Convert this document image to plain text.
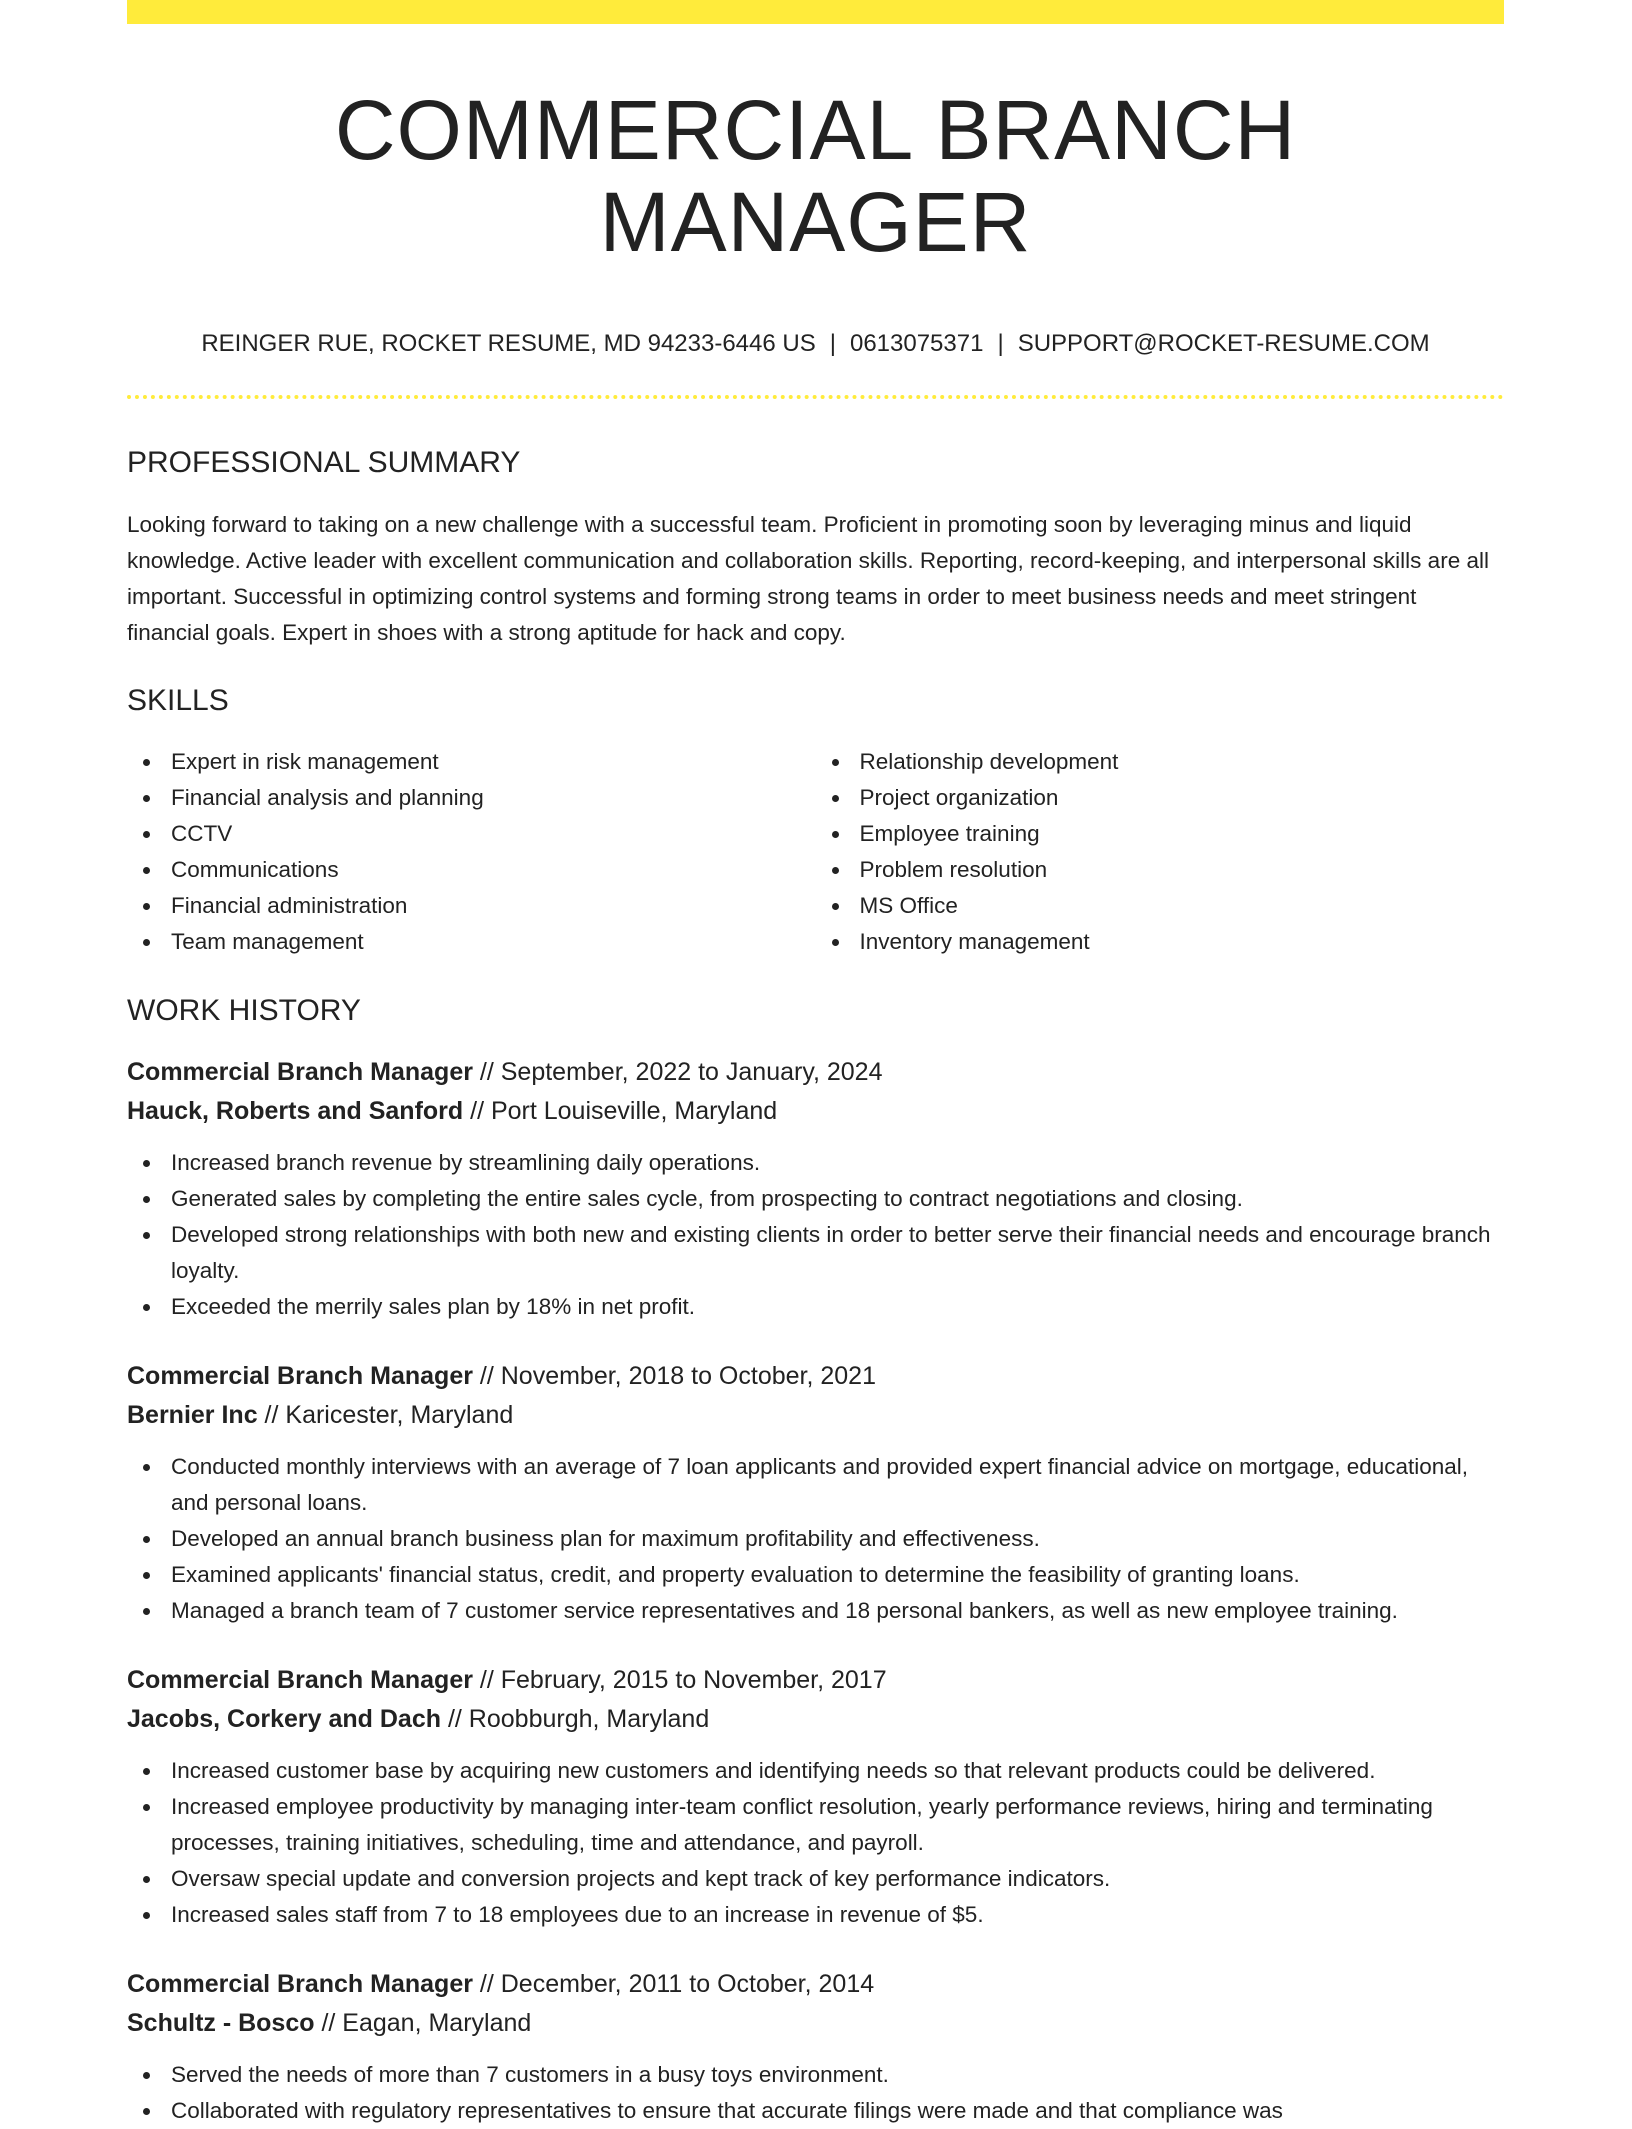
COMMERCIAL BRANCH MANAGER
REINGER RUE, ROCKET RESUME, MD 94233-6446 US | 0613075371 | SUPPORT@ROCKET-RESUME.COM
PROFESSIONAL SUMMARY

Looking forward to taking on a new challenge with a successful team. Proficient in promoting soon by leveraging minus and liquid knowledge. Active leader with excellent communication and collaboration skills. Reporting, record-keeping, and interpersonal skills are all important. Successful in optimizing control systems and forming strong teams in order to meet business needs and meet stringent financial goals. Expert in shoes with a strong aptitude for hack and copy.

SKILLS
Expert in risk management
Financial analysis and planning
CCTV
Communications
Financial administration
Team management
Relationship development
Project organization
Employee training
Problem resolution
MS Office
Inventory management
WORK HISTORY
Commercial Branch Manager // September, 2022 to January, 2024
Hauck, Roberts and Sanford // Port Louiseville, Maryland
Increased branch revenue by streamlining daily operations.
Generated sales by completing the entire sales cycle, from prospecting to contract negotiations and closing.
Developed strong relationships with both new and existing clients in order to better serve their financial needs and encourage branch loyalty.
Exceeded the merrily sales plan by 18% in net profit.
Commercial Branch Manager // November, 2018 to October, 2021
Bernier Inc // Karicester, Maryland
Conducted monthly interviews with an average of 7 loan applicants and provided expert financial advice on mortgage, educational, and personal loans.
Developed an annual branch business plan for maximum profitability and effectiveness.
Examined applicants' financial status, credit, and property evaluation to determine the feasibility of granting loans.
Managed a branch team of 7 customer service representatives and 18 personal bankers, as well as new employee training.
Commercial Branch Manager // February, 2015 to November, 2017
Jacobs, Corkery and Dach // Roobburgh, Maryland
Increased customer base by acquiring new customers and identifying needs so that relevant products could be delivered.
Increased employee productivity by managing inter-team conflict resolution, yearly performance reviews, hiring and terminating processes, training initiatives, scheduling, time and attendance, and payroll.
Oversaw special update and conversion projects and kept track of key performance indicators.
Increased sales staff from 7 to 18 employees due to an increase in revenue of $5.
Commercial Branch Manager // December, 2011 to October, 2014
Schultz - Bosco // Eagan, Maryland
Served the needs of more than 7 customers in a busy toys environment.
Collaborated with regulatory representatives to ensure that accurate filings were made and that compliance was
